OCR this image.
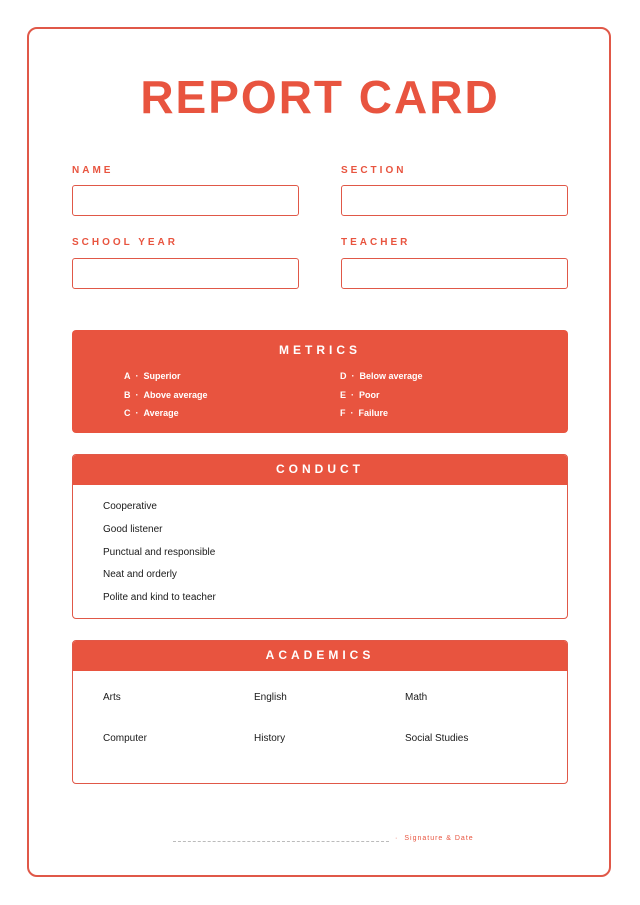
REPORT CARD
NAME	SECTION
SCHOOL YEAR	TEACHER
METRICS
A · Superior
B · Above average
C · Average
D · Below average
E · Poor
F · Failure
CONDUCT
Cooperative
Good listener
Punctual and responsible
Neat and orderly
Polite and kind to teacher
ACADEMICS
Arts	English	Math
Computer	History	Social Studies
· Signature & Date
